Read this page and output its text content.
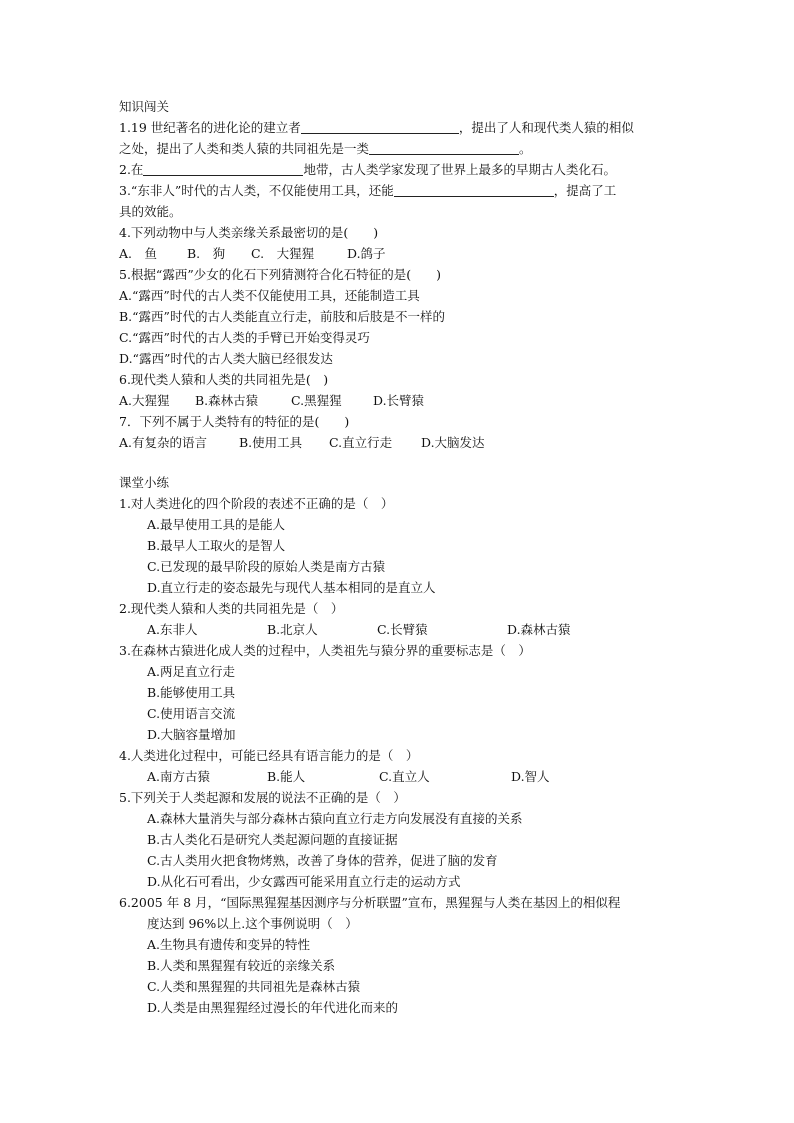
知识闯关
1.19 世纪著名的进化论的建立者	，提出了人和现代类人猿的相似
之处，提出了人类和类人猿的共同祖先是一类	。
2.在	地带，古人类学家发现了世界上最多的早期古人类化石。
3.“东非人”时代的古人类，不仅能使用工具，还能	，提高了工
具的效能。
4.下列动物中与人类亲缘关系最密切的是(　　)
A.　鱼 B.　狗 C.　大猩猩	D.鸽子
5.根据“露西”少女的化石下列猜测符合化石特征的是(　　)
A.“露西”时代的古人类不仅能使用工具，还能制造工具
B.“露西”时代的古人类能直立行走，前肢和后肢是不一样的
C.“露西”时代的古人类的手臂已开始变得灵巧
D.“露西”时代的古人类大脑已经很发达
6.现代类人猿和人类的共同祖先是(　)
A.大猩猩 B.森林古猿	C.黑猩猩	D.长臂猿
7．下列不属于人类特有的特征的是(　　)
A.有复杂的语言	B.使用工具 C.直立行走 D.大脑发达
课堂小练
1.对人类进化的四个阶段的表述不正确的是（　）
A.最早使用工具的是能人
B.最早人工取火的是智人
C.已发现的最早阶段的原始人类是南方古猿
D.直立行走的姿态最先与现代人基本相同的是直立人
2.现代类人猿和人类的共同祖先是（　）
A.东非人	B.北京人	C.长臂猿	D.森林古猿
3.在森林古猿进化成人类的过程中，人类祖先与猿分界的重要标志是（　）
A.两足直立行走
B.能够使用工具
C.使用语言交流
D.大脑容量增加
4.人类进化过程中，可能已经具有语言能力的是（　）
A.南方古猿	B.能人	C.直立人	D.智人
5.下列关于人类起源和发展的说法不正确的是（　）
A.森林大量消失与部分森林古猿向直立行走方向发展没有直接的关系
B.古人类化石是研究人类起源问题的直接证据
C.古人类用火把食物烤熟，改善了身体的营养，促进了脑的发育
D.从化石可看出，少女露西可能采用直立行走的运动方式
6.2005 年 8 月，“国际黑猩猩基因测序与分析联盟”宣布，黑猩猩与人类在基因上的相似程
度达到 96%以上.这个事例说明（　）
A.生物具有遗传和变异的特性
B.人类和黑猩猩有较近的亲缘关系
C.人类和黑猩猩的共同祖先是森林古猿
D.人类是由黑猩猩经过漫长的年代进化而来的
